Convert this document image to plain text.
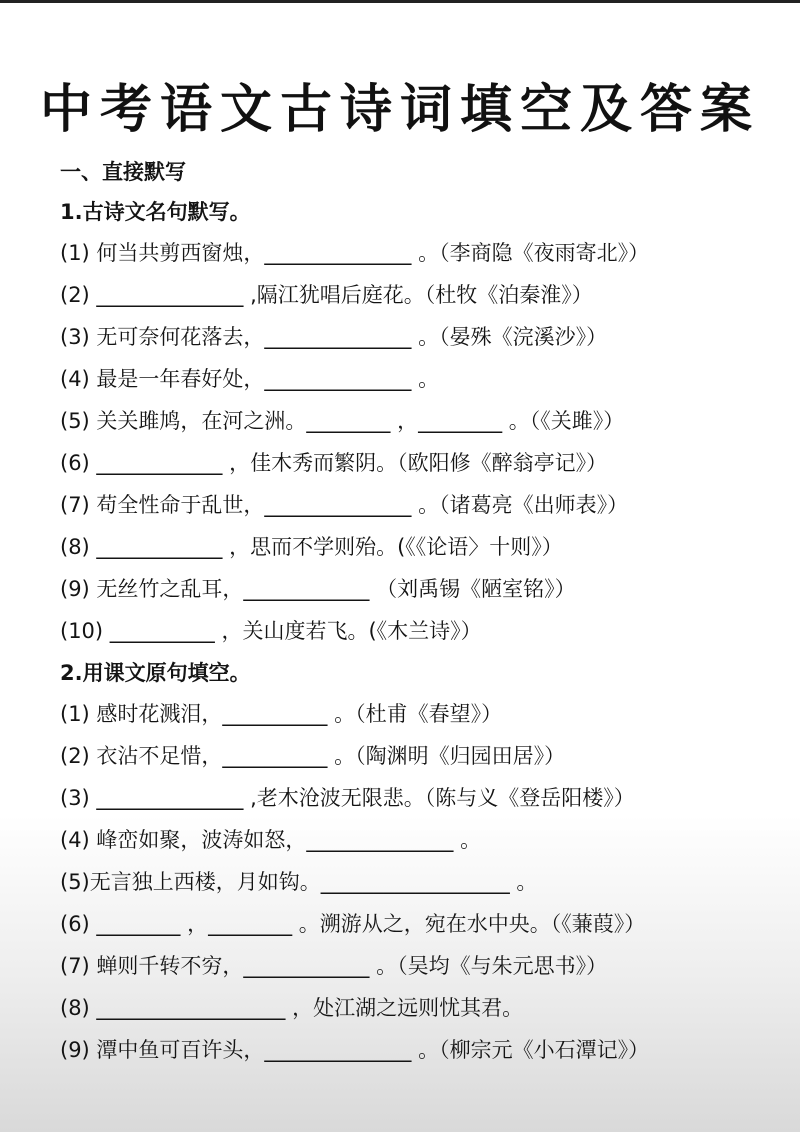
中考语文古诗词填空及答案
一、直接默写
1.古诗文名句默写。
(1) 何当共剪西窗烛，______________ 。（李商隐《夜雨寄北》）
(2) ______________ ,隔江犹唱后庭花。（杜牧《泊秦淮》）
(3) 无可奈何花落去，______________ 。（晏殊《浣溪沙》）
(4) 最是一年春好处，______________ 。
(5) 关关雎鸠，在河之洲。________ ，________ 。（《关雎》）
(6) ____________ ，佳木秀而繁阴。（欧阳修《醉翁亭记》）
(7) 苟全性命于乱世，______________ 。（诸葛亮《出师表》）
(8) ____________ ，思而不学则殆。(《《论语〉十则》）
(9) 无丝竹之乱耳，____________ （刘禹锡《陋室铭》）
(10) __________ ，关山度若飞。(《木兰诗》）
2.用课文原句填空。
(1) 感时花溅泪，__________ 。（杜甫《春望》）
(2) 衣沾不足惜，__________ 。（陶渊明《归园田居》）
(3) ______________ ,老木沧波无限悲。（陈与义《登岳阳楼》）
(4) 峰峦如聚，波涛如怒，______________ 。
(5)无言独上西楼，月如钩。__________________ 。
(6) ________ ，________ 。溯游从之，宛在水中央。（《蒹葭》）
(7) 蝉则千转不穷，____________ 。（吴均《与朱元思书》）
(8) __________________ ，处江湖之远则忧其君。
(9) 潭中鱼可百许头，______________ 。（柳宗元《小石潭记》）
